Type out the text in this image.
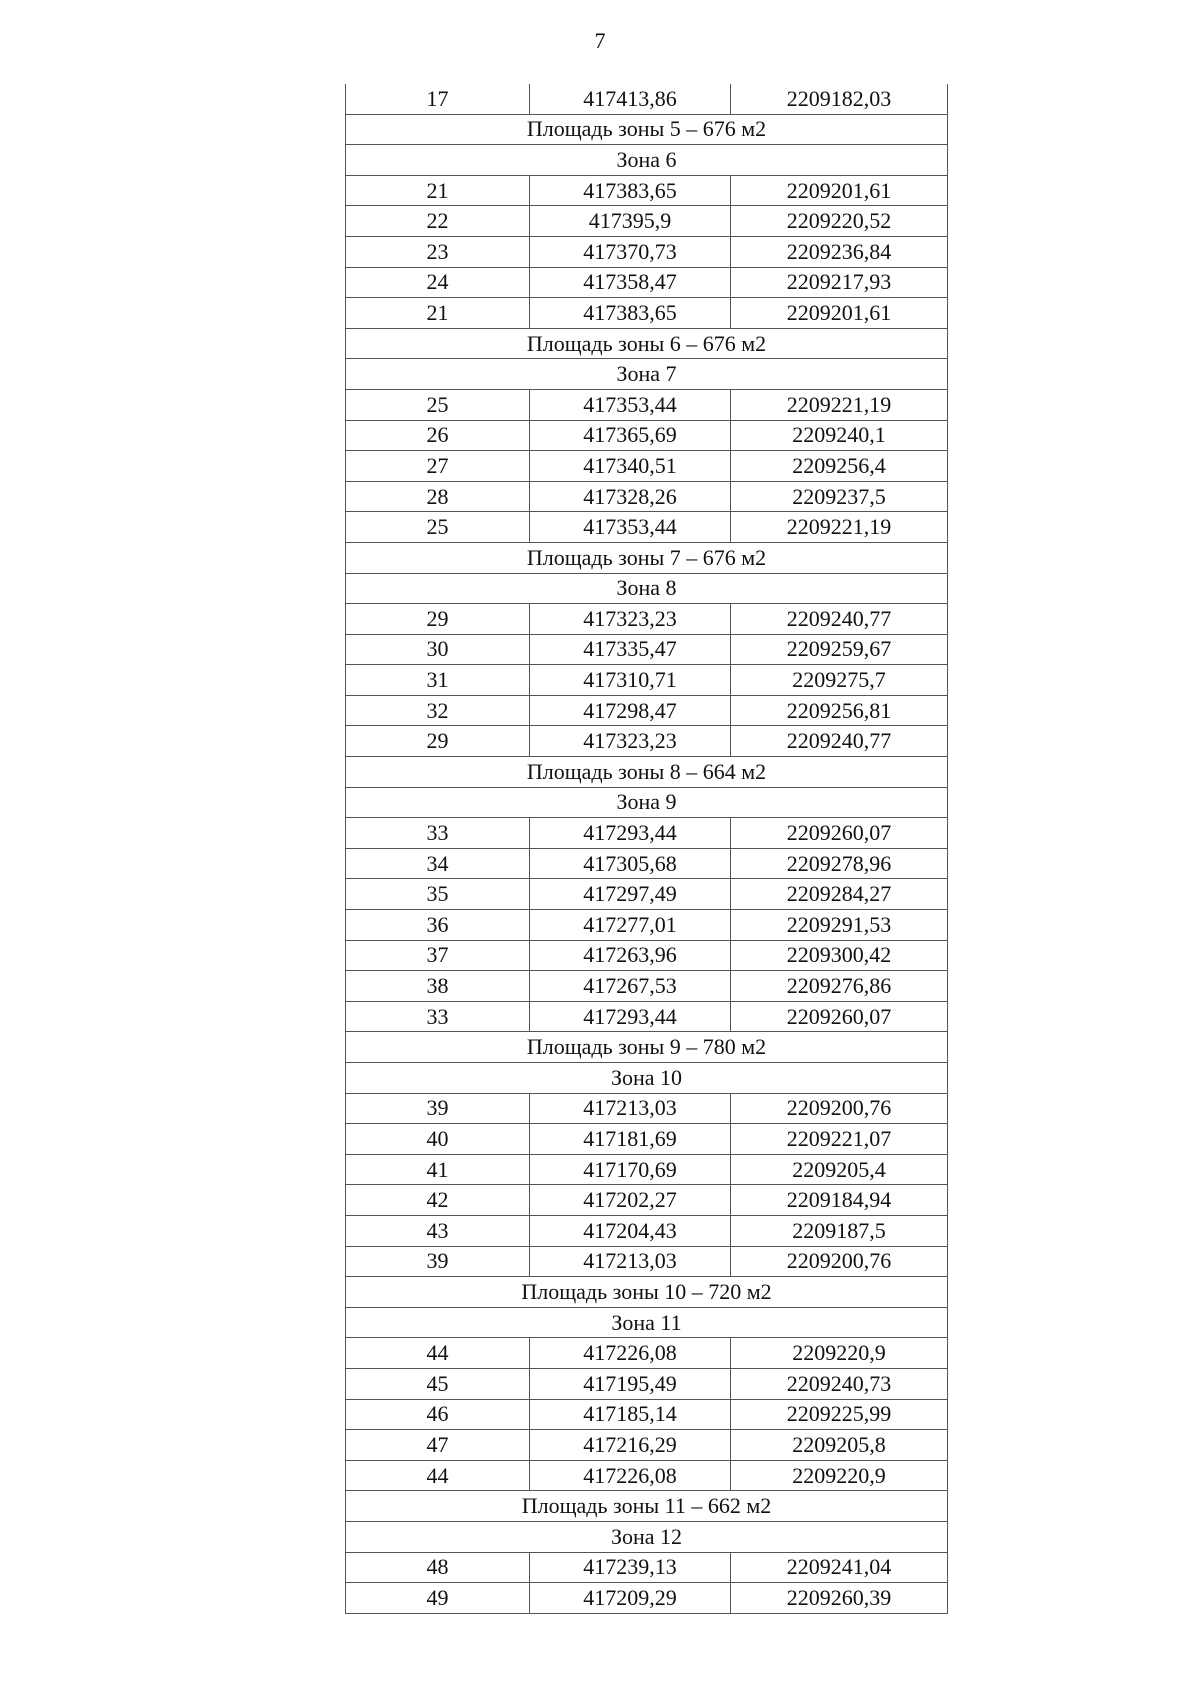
7
17	417413,86	2209182,03
Площадь зоны 5 – 676 м2		
Зона 6		
21	417383,65	2209201,61
22	417395,9	2209220,52
23	417370,73	2209236,84
24	417358,47	2209217,93
21	417383,65	2209201,61
Площадь зоны 6 – 676 м2		
Зона 7		
25	417353,44	2209221,19
26	417365,69	2209240,1
27	417340,51	2209256,4
28	417328,26	2209237,5
25	417353,44	2209221,19
Площадь зоны 7 – 676 м2		
Зона 8		
29	417323,23	2209240,77
30	417335,47	2209259,67
31	417310,71	2209275,7
32	417298,47	2209256,81
29	417323,23	2209240,77
Площадь зоны 8 – 664 м2		
Зона 9		
33	417293,44	2209260,07
34	417305,68	2209278,96
35	417297,49	2209284,27
36	417277,01	2209291,53
37	417263,96	2209300,42
38	417267,53	2209276,86
33	417293,44	2209260,07
Площадь зоны 9 – 780 м2		
Зона 10		
39	417213,03	2209200,76
40	417181,69	2209221,07
41	417170,69	2209205,4
42	417202,27	2209184,94
43	417204,43	2209187,5
39	417213,03	2209200,76
Площадь зоны 10 – 720 м2		
Зона 11		
44	417226,08	2209220,9
45	417195,49	2209240,73
46	417185,14	2209225,99
47	417216,29	2209205,8
44	417226,08	2209220,9
Площадь зоны 11 – 662 м2		
Зона 12		
48	417239,13	2209241,04
49	417209,29	2209260,39
